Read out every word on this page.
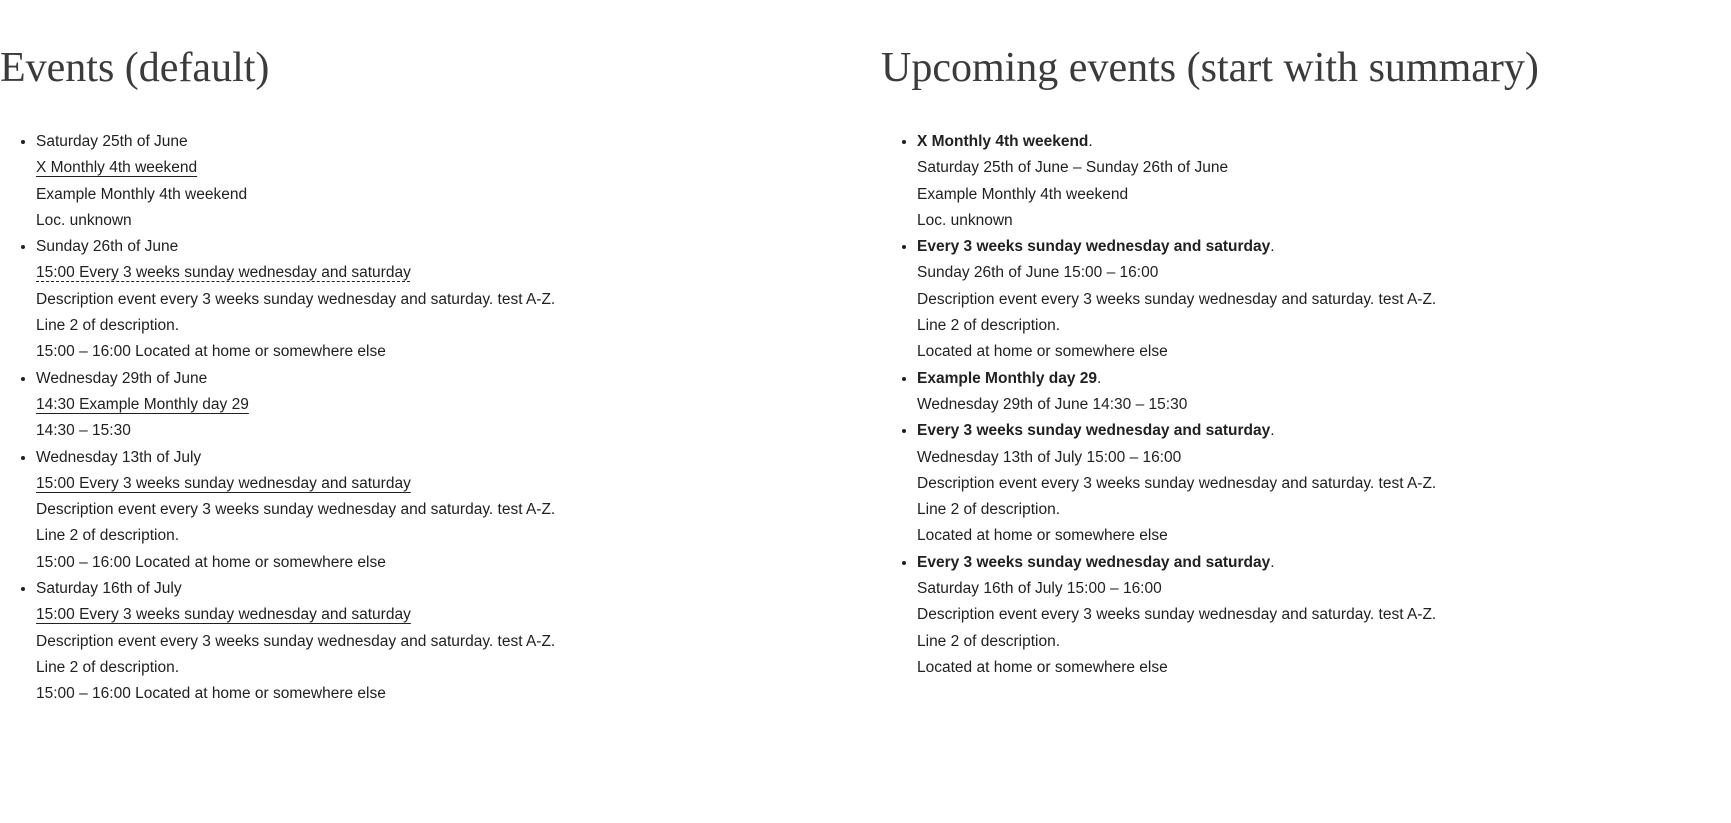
Events (default)
• Saturday 25th of June
X Monthly 4th weekend
Example Monthly 4th weekend
Loc. unknown
• Sunday 26th of June
15:00 Every 3 weeks sunday wednesday and saturday
Description event every 3 weeks sunday wednesday and saturday. test A-Z.
Line 2 of description.
15:00 – 16:00 Located at home or somewhere else
• Wednesday 29th of June
14:30 Example Monthly day 29
14:30 – 15:30
• Wednesday 13th of July
15:00 Every 3 weeks sunday wednesday and saturday
Description event every 3 weeks sunday wednesday and saturday. test A-Z.
Line 2 of description.
15:00 – 16:00 Located at home or somewhere else
• Saturday 16th of July
15:00 Every 3 weeks sunday wednesday and saturday
Description event every 3 weeks sunday wednesday and saturday. test A-Z.
Line 2 of description.
15:00 – 16:00 Located at home or somewhere else
Upcoming events (start with summary)
• X Monthly 4th weekend.
Saturday 25th of June – Sunday 26th of June
Example Monthly 4th weekend
Loc. unknown
• Every 3 weeks sunday wednesday and saturday.
Sunday 26th of June 15:00 – 16:00
Description event every 3 weeks sunday wednesday and saturday. test A-Z.
Line 2 of description.
Located at home or somewhere else
• Example Monthly day 29.
Wednesday 29th of June 14:30 – 15:30
• Every 3 weeks sunday wednesday and saturday.
Wednesday 13th of July 15:00 – 16:00
Description event every 3 weeks sunday wednesday and saturday. test A-Z.
Line 2 of description.
Located at home or somewhere else
• Every 3 weeks sunday wednesday and saturday.
Saturday 16th of July 15:00 – 16:00
Description event every 3 weeks sunday wednesday and saturday. test A-Z.
Line 2 of description.
Located at home or somewhere else
